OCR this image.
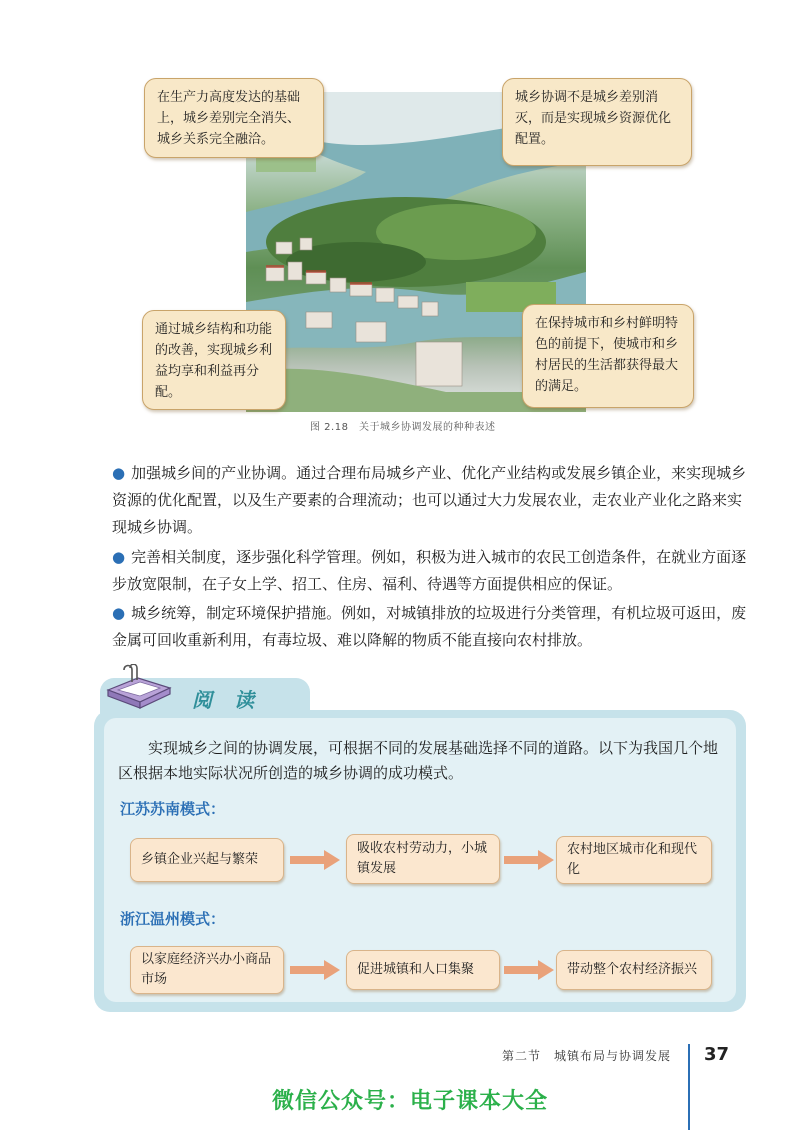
在生产力高度发达的基础上，城乡差别完全消失、城乡关系完全融洽。
城乡协调不是城乡差别消灭，而是实现城乡资源优化配置。
通过城乡结构和功能的改善，实现城乡利益均享和利益再分配。
在保持城市和乡村鲜明特色的前提下，使城市和乡村居民的生活都获得最大的满足。
图 2.18　关于城乡协调发展的种种表述
● 加强城乡间的产业协调。通过合理布局城乡产业、优化产业结构或发展乡镇企业，来实现城乡资源的优化配置，以及生产要素的合理流动；也可以通过大力发展农业，走农业产业化之路来实现城乡协调。
● 完善相关制度，逐步强化科学管理。例如，积极为进入城市的农民工创造条件，在就业方面逐步放宽限制，在子女上学、招工、住房、福利、待遇等方面提供相应的保证。
● 城乡统筹，制定环境保护措施。例如，对城镇排放的垃圾进行分类管理，有机垃圾可返田，废金属可回收重新利用，有毒垃圾、难以降解的物质不能直接向农村排放。
阅读
实现城乡之间的协调发展，可根据不同的发展基础选择不同的道路。以下为我国几个地区根据本地实际状况所创造的城乡协调的成功模式。
江苏苏南模式：
乡镇企业兴起与繁荣
吸收农村劳动力，小城镇发展
农村地区城市化和现代化
浙江温州模式：
以家庭经济兴办小商品市场
促进城镇和人口集聚	带动整个农村经济振兴
第二节　城镇布局与协调发展 37
微信公众号：电子课本大全
